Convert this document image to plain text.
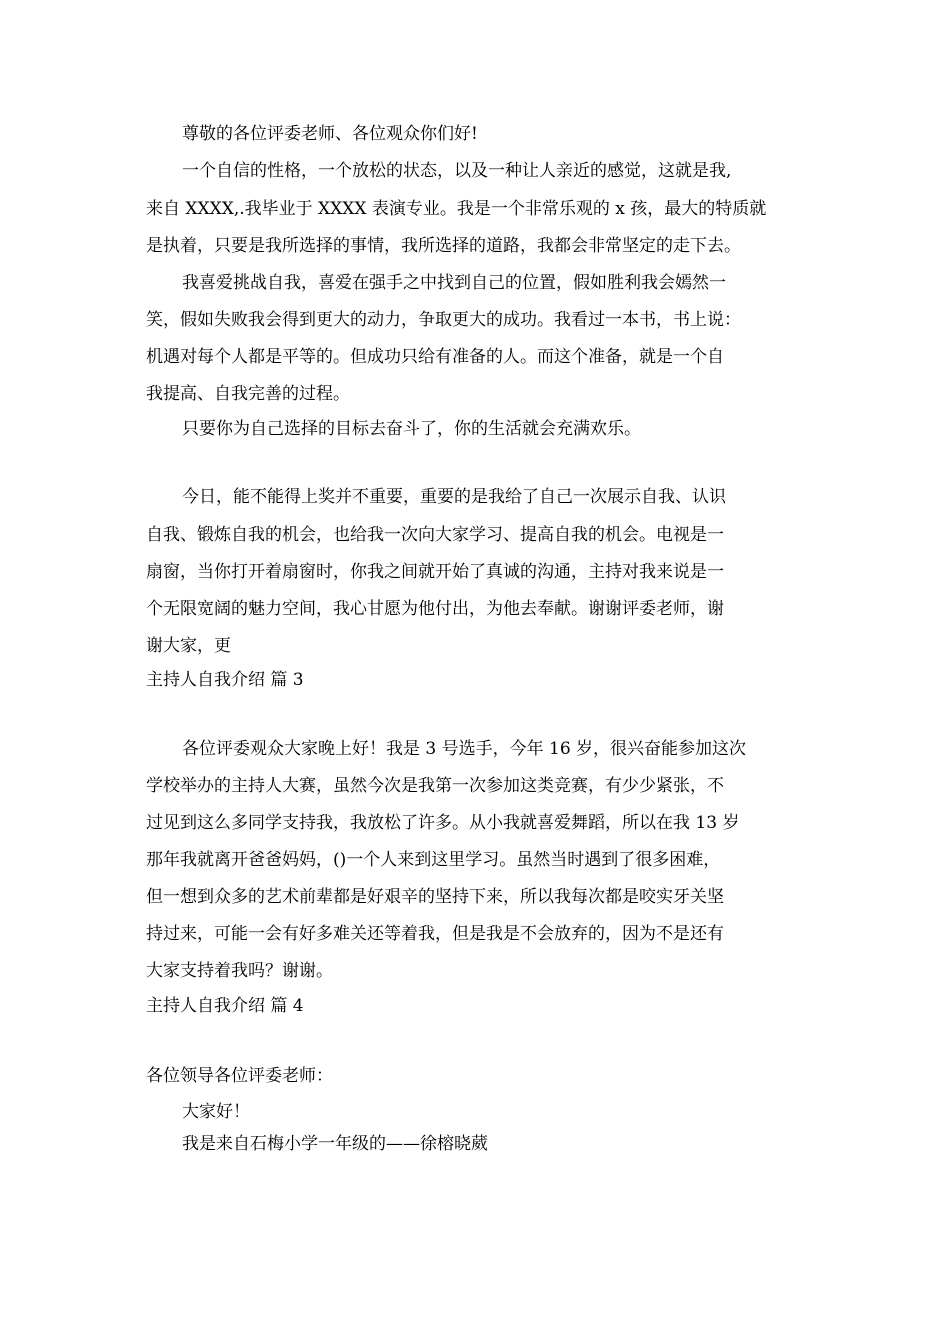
尊敬的各位评委老师、各位观众你们好!
一个自信的性格，一个放松的状态，以及一种让人亲近的感觉，这就是我,
来自 XXXX,.我毕业于 XXXX 表演专业。我是一个非常乐观的 x 孩，最大的特质就
是执着，只要是我所选择的事情，我所选择的道路，我都会非常坚定的走下去。
我喜爱挑战自我，喜爱在强手之中找到自己的位置，假如胜利我会嫣然一
笑，假如失败我会得到更大的动力，争取更大的成功。我看过一本书，书上说：
机遇对每个人都是平等的。但成功只给有准备的人。而这个准备，就是一个自
我提高、自我完善的过程。
只要你为自己选择的目标去奋斗了，你的生活就会充满欢乐。
今日，能不能得上奖并不重要，重要的是我给了自己一次展示自我、认识
自我、锻炼自我的机会，也给我一次向大家学习、提高自我的机会。电视是一
扇窗，当你打开着扇窗时，你我之间就开始了真诚的沟通，主持对我来说是一
个无限宽阔的魅力空间，我心甘愿为他付出，为他去奉献。谢谢评委老师，谢
谢大家，更
主持人自我介绍 篇 3
各位评委观众大家晚上好！我是 3 号选手，今年 16 岁，很兴奋能参加这次
学校举办的主持人大赛，虽然今次是我第一次参加这类竞赛，有少少紧张，不
过见到这么多同学支持我，我放松了许多。从小我就喜爱舞蹈，所以在我 13 岁
那年我就离开爸爸妈妈，()一个人来到这里学习。虽然当时遇到了很多困难，
但一想到众多的艺术前辈都是好艰辛的坚持下来，所以我每次都是咬实牙关坚
持过来，可能一会有好多难关还等着我，但是我是不会放弃的，因为不是还有
大家支持着我吗？谢谢。
主持人自我介绍 篇 4
各位领导各位评委老师：
大家好！
我是来自石梅小学一年级的——徐榕晓葳
